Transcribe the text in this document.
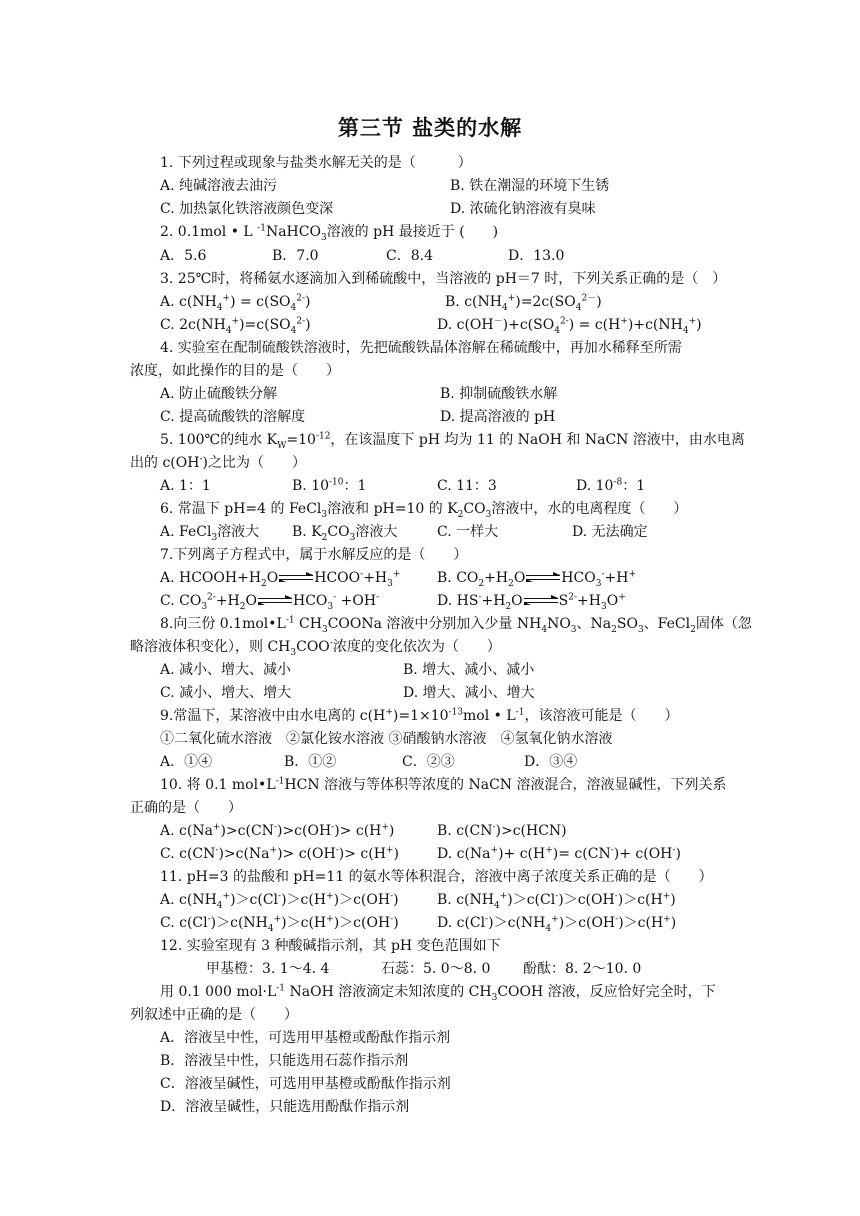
第三节 盐类的水解
1. 下列过程或现象与盐类水解无关的是（　　　）
A. 纯碱溶液去油污	B. 铁在潮湿的环境下生锈
C. 加热氯化铁溶液颜色变深	D. 浓硫化钠溶液有臭味
2. 0.1mol • L $^{-1}$NaHCO$_3$溶液的 pH 最接近于 (　　)
A．5.6	B．7.0	C．8.4	D．13.0
3. 25℃时，将稀氨水逐滴加入到稀硫酸中，当溶液的 pH＝7 时，下列关系正确的是（　）
A. $c(NH_4^+) = c(SO_4^{2-})$	B. $c(NH_4^+)=2c(SO_4^{2-})$
C. $2c(NH_4^+)=c(SO_4^{2-})$	D. $c(OH^-)+c(SO_4^{2-}) = c(H^+)+c(NH_4^+)$
4. 实验室在配制硫酸铁溶液时，先把硫酸铁晶体溶解在稀硫酸中，再加水稀释至所需
浓度，如此操作的目的是（　　）
A. 防止硫酸铁分解	B. 抑制硫酸铁水解
C. 提高硫酸铁的溶解度	D. 提高溶液的 pH
5. 100℃的纯水 $K_W=10^{-12}$，在该温度下 pH 均为 11 的 NaOH 和 NaCN 溶液中，由水电离
出的 c(OH-)之比为（　　）
A. 1：1	B. $10^{-10}$：1	C. 11：3	D. $10^{-8}$：1
6. 常温下 pH=4 的 FeCl$_3$溶液和 pH=10 的 $K_2CO_3$溶液中，水的电离程度（　　）
A. FeCl$_3$溶液大 B. $K_2CO_3$溶液大	C. 一样大	D. 无法确定
7.下列离子方程式中，属于水解反应的是（　　）
A. $HCOOH+H_2O$	$HCOO^-+H_3^+$	B. $CO_2+H_2O$	$HCO_3^-+H^+$
C. $CO_3^{2-}+H_2O$	$HCO_3^- +OH^-$	D. $HS^-+H_2O$	$S^{2-}+H_3O^+$
8.向三份 $0.1mol•L^{-1}$ $CH_3COONa$ 溶液中分别加入少量 $NH_4NO_3$、$Na_2SO_3$、FeCl$_2$固体（忽
略溶液体积变化），则 $CH_3COO^-$浓度的变化依次为（　　）
A. 减小、增大、减小	B. 增大、减小、减小
C. 减小、增大、增大	D. 增大、减小、增大
9.常温下，某溶液中由水电离的 $c(H^+)=1\times 10^{-13}mol$ • $L^{-1}$，该溶液可能是（　　）
①二氧化硫水溶液　②氯化铵水溶液 ③硝酸钠水溶液　④氢氧化钠水溶液
A．①④	B．①②	C．②③	D．③④
10. 将 0.1 $mol•L^{-1}HCN$ 溶液与等体积等浓度的 NaCN 溶液混合，溶液显碱性，下列关系
正确的是（　　）
A. c(Na+)>c(CN-)>c(OH-)> c(H+)	B. c(CN-)>c(HCN)
C. c(CN-)>c(Na+)> c(OH-)> c(H+)	D. c(Na+)+ c(H+)= c(CN-)+ c(OH-)
11. pH=3 的盐酸和 pH=11 的氨水等体积混合，溶液中离子浓度关系正确的是（　　）
A. $c(NH_4^+)>c(Cl^-)>c(H^+)>c(OH^-)$	B. $c(NH_4^+)>c(Cl^-)>c(OH^-)>c(H^+)$
C. $c(Cl^-)>c(NH_4^+)>c(H^+)>c(OH^-)$	D. $c(Cl^-)>c(NH_4^+)>c(OH^-)>c(H^+)$
12. 实验室现有 3 种酸碱指示剂，其 pH 变色范围如下
甲基橙：3. 1～4. 4	石蕊：5. 0～8. 0 酚酞：8. 2～10. 0
用 0.1 000 $mol\cdot L^{-1}$ NaOH 溶液滴定未知浓度的 $CH_3COOH$ 溶液，反应恰好完全时，下
列叙述中正确的是（　　）
A．溶液呈中性，可选用甲基橙或酚酞作指示剂
B．溶液呈中性，只能选用石蕊作指示剂
C．溶液呈碱性，可选用甲基橙或酚酞作指示剂
D．溶液呈碱性，只能选用酚酞作指示剂
